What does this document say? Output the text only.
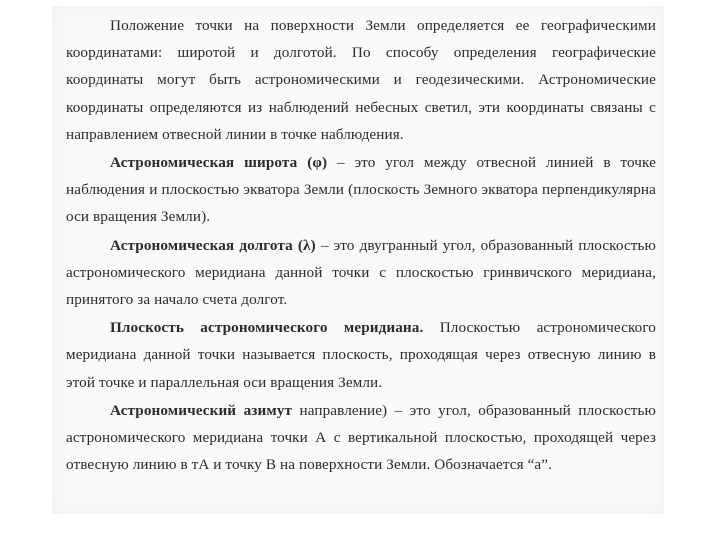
Положение точки на поверхности Земли определяется ее географическими координатами: широтой и долготой. По способу определения географические координаты могут быть астрономическими и геодезическими. Астрономические координаты определяются из наблюдений небесных светил, эти координаты связаны с направлением отвесной линии в точке наблюдения.

Астрономическая широта (φ) – это угол между отвесной линией в точке наблюдения и плоскостью экватора Земли (плоскость Земного экватора перпендикулярна оси вращения Земли).

Астрономическая долгота (λ) – это двугранный угол, образованный плоскостью астрономического меридиана данной точки с плоскостью гринвичского меридиана, принятого за начало счета долгот.

Плоскость астрономического меридиана. Плоскостью астрономического меридиана данной точки называется плоскость, проходящая через отвесную линию в этой точке и параллельная оси вращения Земли.

Астрономический азимут направление) – это угол, образованный плоскостью астрономического меридиана точки А с вертикальной плоскостью, проходящей через отвесную линию в тА и точку В на поверхности Земли. Обозначается “а”.
